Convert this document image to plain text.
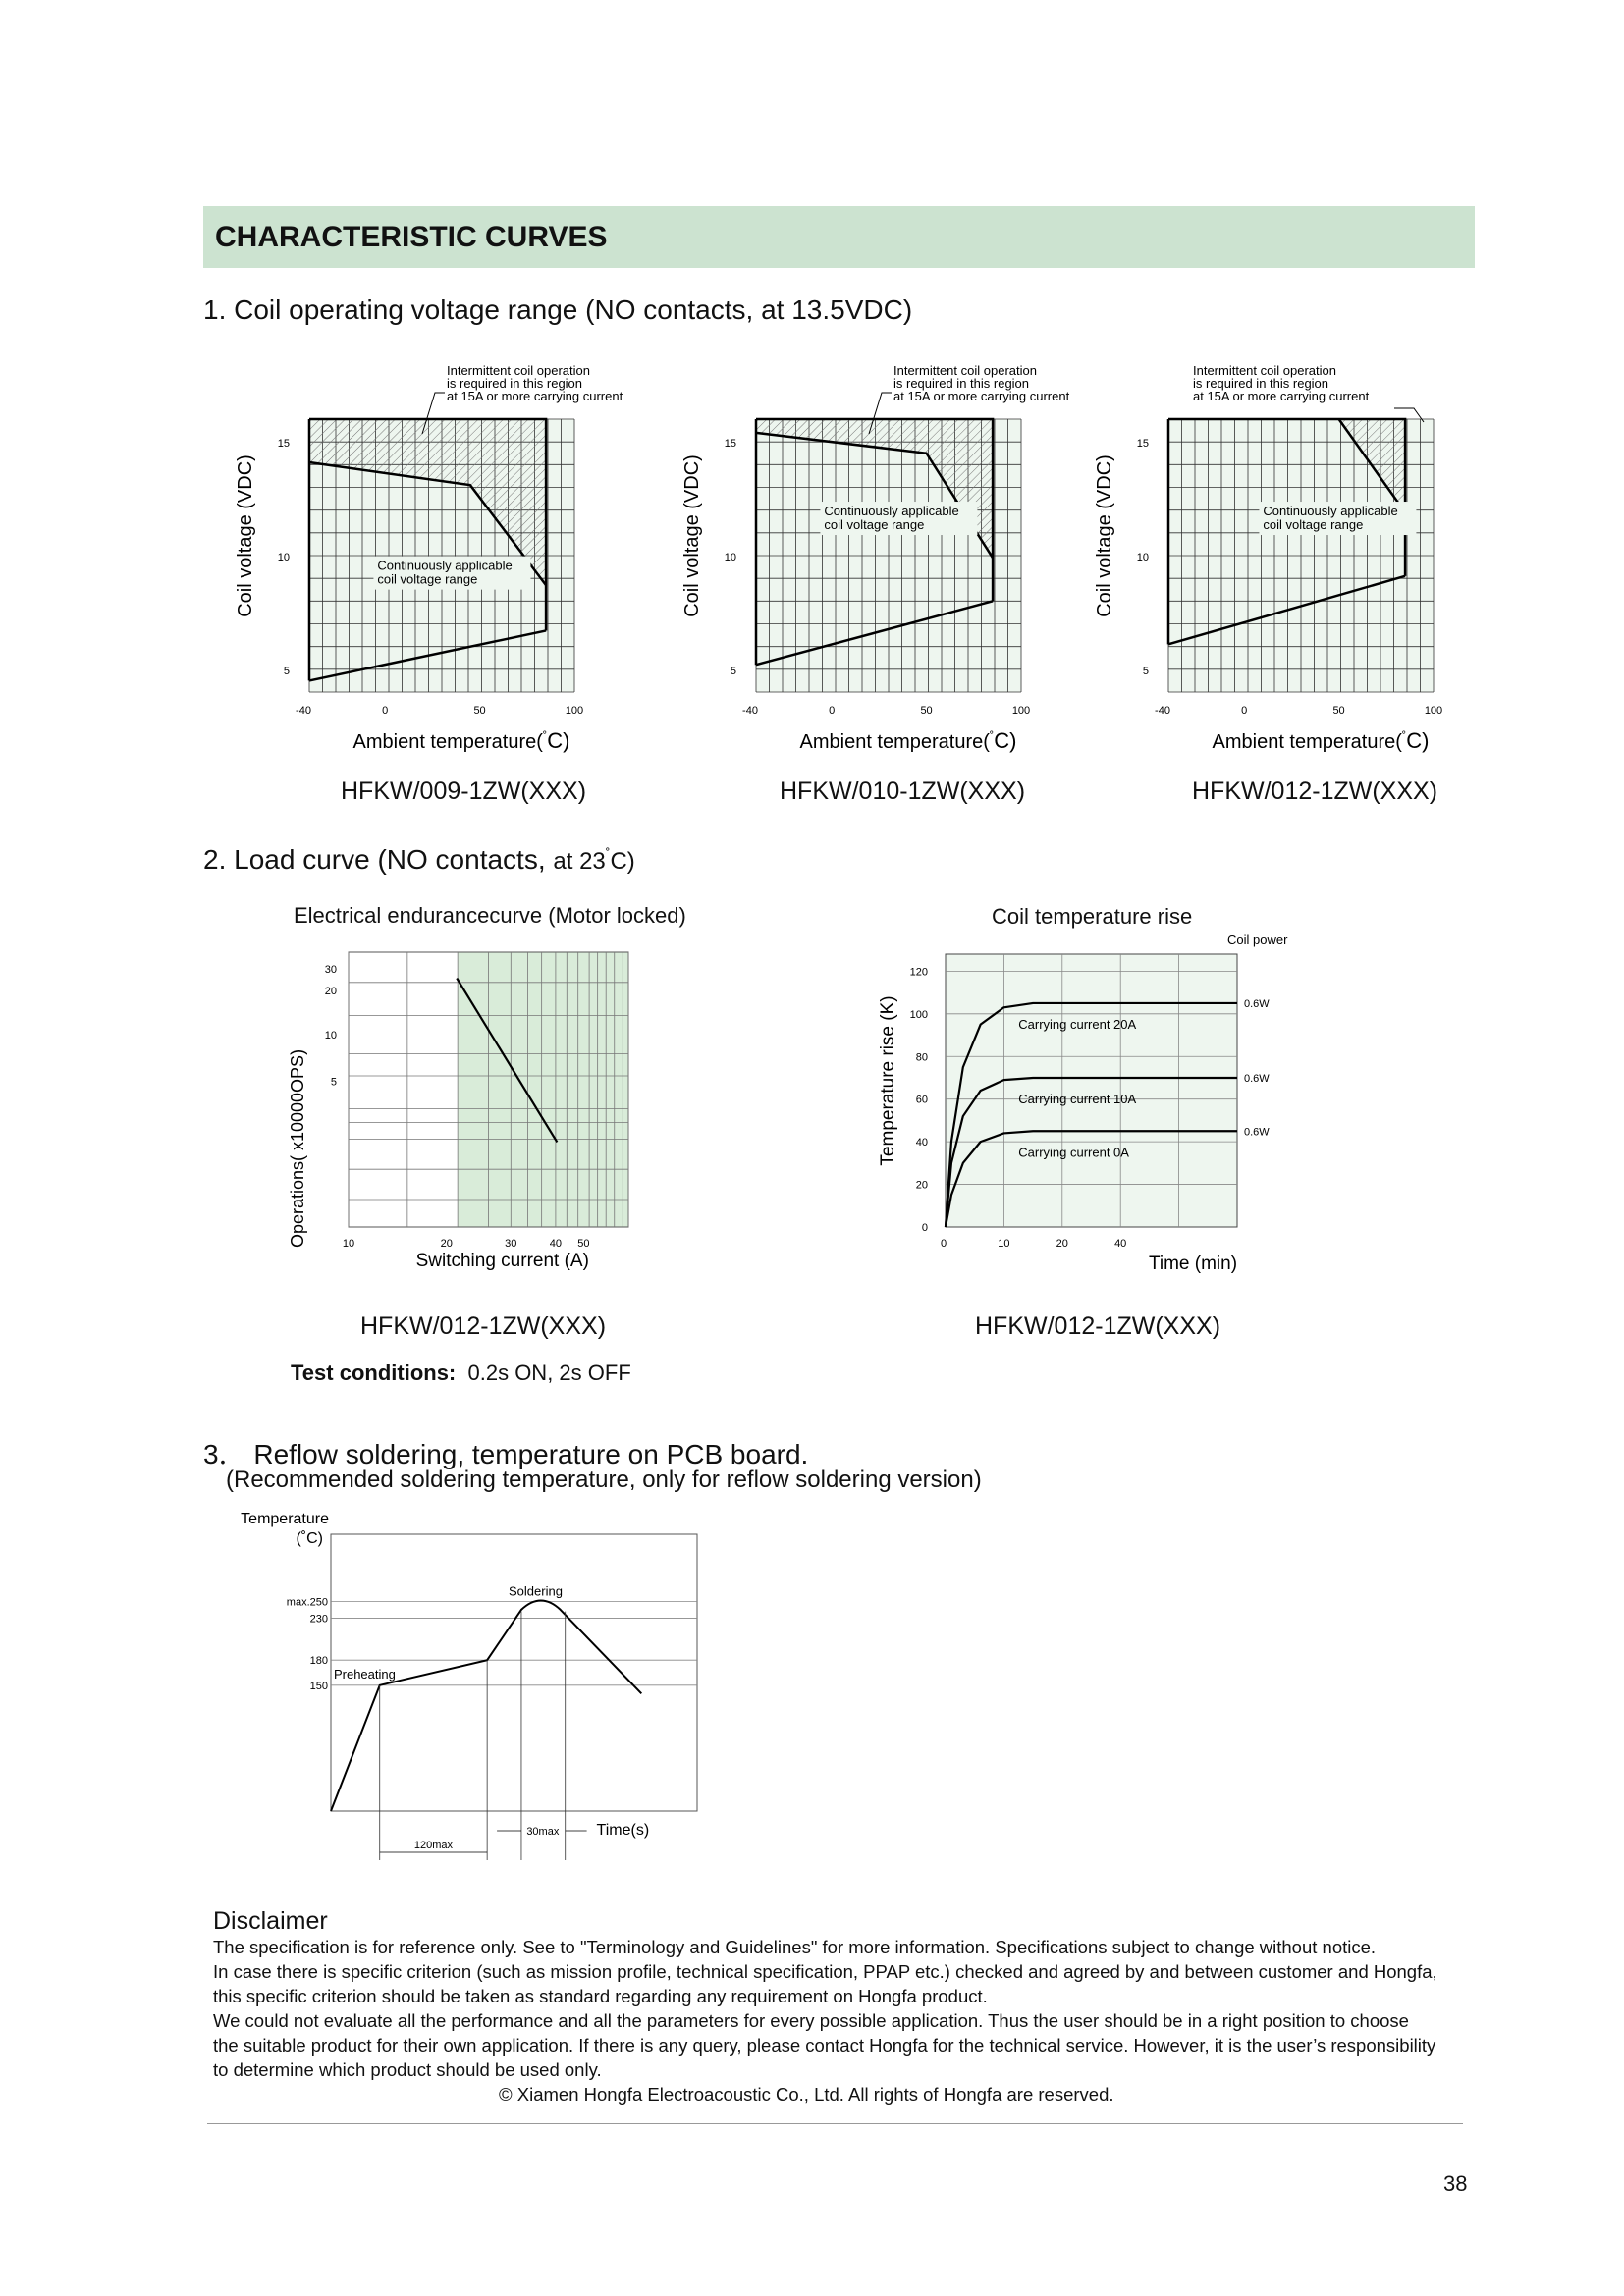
CHARACTERISTIC CURVES
1. Coil operating voltage range (NO contacts, at 13.5VDC)
Continuously applicable
coil voltage range
Intermittent coil operation
is required in this region
at 15A or more carrying current
15
10
5
-40	0	50	100
Coil voltage (VDC)
Ambient temperature(˚C)
Continuously applicable
coil voltage range
Intermittent coil operation
is required in this region
at 15A or more carrying current
15
10
5
-40	0	50	100
Coil voltage (VDC)
Ambient temperature(˚C)
Continuously applicable
coil voltage range
Intermittent coil operation
is required in this region
at 15A or more carrying current
15
10
5
-40	0	50	100
Coil voltage (VDC)
Ambient temperature(˚C)
HFKW/009-1ZW(XXX)	HFKW/010-1ZW(XXX)	HFKW/012-1ZW(XXX)
2. Load curve (NO contacts, at 23˚C)
Electrical endurancecurve (Motor locked)	Coil temperature rise
30
20
10
5
10	20	30	40 50
Operations( x10000OPS)
Switching current (A)
Carrying current 20A
0.6W
Carrying current 10A
0.6W
Carrying current 0A
0.6W
Coil power
120
100
80
60
40
20
0
0	10	20	40
Temperature rise (K)
Time (min)
HFKW/012-1ZW(XXX)	HFKW/012-1ZW(XXX)
Test conditions: 0.2s ON, 2s OFF
3． Reflow soldering, temperature on PCB board.
(Recommended soldering temperature, only for reflow soldering version)
max.250
230
180
150
Preheating
Soldering
Temperature
(˚C)
30max Time(s)
120max
Disclaimer
The specification is for reference only. See to "Terminology and Guidelines" for more information. Specifications subject to change without notice.
In case there is specific criterion (such as mission profile, technical specification, PPAP etc.) checked and agreed by and between customer and Hongfa,
this specific criterion should be taken as standard regarding any requirement on Hongfa product.
We could not evaluate all the performance and all the parameters for every possible application. Thus the user should be in a right position to choose
the suitable product for their own application. If there is any query, please contact Hongfa for the technical service. However, it is the user’s responsibility
to determine which product should be used only.
© Xiamen Hongfa Electroacoustic Co., Ltd. All rights of Hongfa are reserved.
38
